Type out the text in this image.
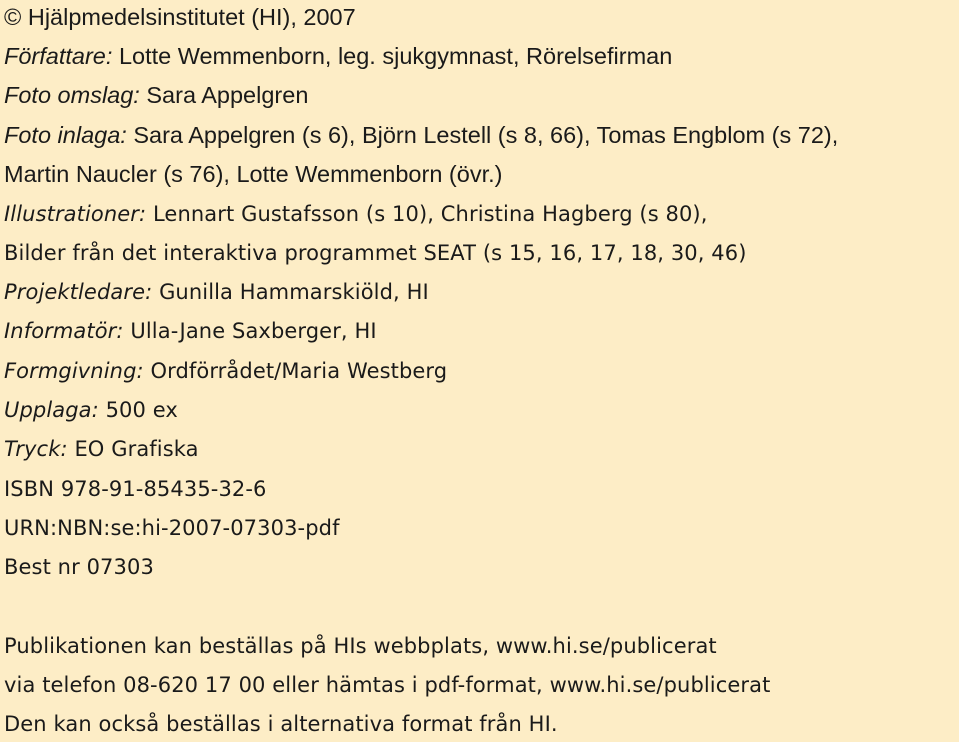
© Hjälpmedelsinstitutet (HI), 2007
Författare: Lotte Wemmenborn, leg. sjukgymnast, Rörelsefirman
Foto omslag: Sara Appelgren
Foto inlaga: Sara Appelgren (s 6), Björn Lestell (s 8, 66), Tomas Engblom (s 72),
Martin Naucler (s 76), Lotte Wemmenborn (övr.)
Illustrationer: Lennart Gustafsson (s 10), Christina Hagberg (s 80),
Bilder från det interaktiva programmet SEAT (s 15, 16, 17, 18, 30, 46)
Projektledare: Gunilla Hammarskiöld, HI
Informatör: Ulla-Jane Saxberger, HI
Formgivning: Ordförrådet/Maria Westberg
Upplaga: 500 ex
Tryck: EO Grafiska
ISBN 978-91-85435-32-6
URN:NBN:se:hi-2007-07303-pdf
Best nr 07303
Publikationen kan beställas på HIs webbplats, www.hi.se/publicerat
via telefon 08-620 17 00 eller hämtas i pdf-format, www.hi.se/publicerat
Den kan också beställas i alternativa format från HI.
